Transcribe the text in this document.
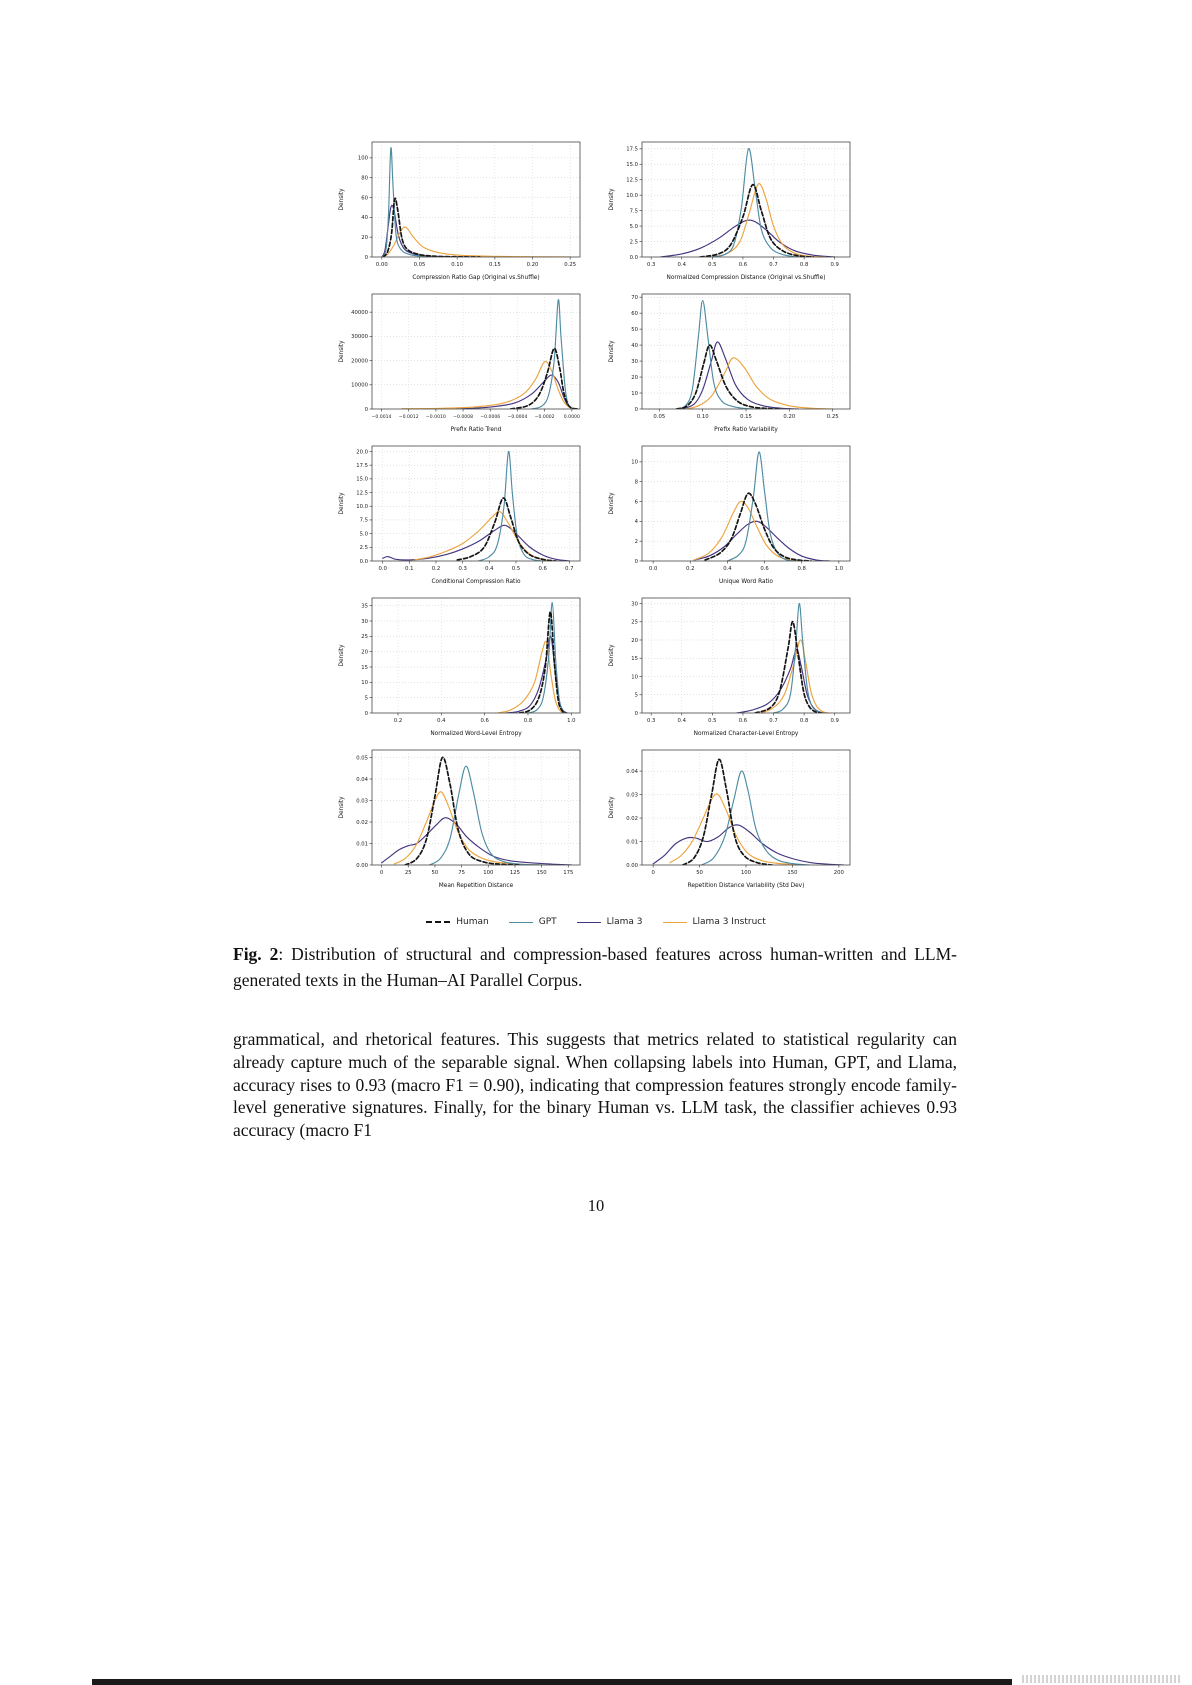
0.00	0.05	0.10	0.15	0.20	0.25
0
20
40
60
80
100
Compression Ratio Gap (Original vs.Shuffle)
Density
0.3	0.4	0.5	0.6	0.7	0.8	0.9
0.0
2.5
5.0
7.5
10.0
12.5
15.0
17.5
Normalized Compression Distance (Original vs.Shuffle)
Density
−0.0014 −0.0012 −0.0010 −0.0008 −0.0006 −0.0004 −0.0002 0.0000
0
10000
20000
30000
40000
Prefix Ratio Trend
Density
0.05	0.10	0.15	0.20	0.25
0
10
20
30
40
50
60
70
Prefix Ratio Variability
Density
0.0	0.1	0.2	0.3	0.4	0.5	0.6	0.7
0.0
2.5
5.0
7.5
10.0
12.5
15.0
17.5
20.0
Conditional Compression Ratio
Density
0.0	0.2	0.4	0.6	0.8	1.0
0
2
4
6
8
10
Unique Word Ratio
Density
0.2	0.4	0.6	0.8	1.0
0
5
10
15
20
25
30
35
Normalized Word-Level Entropy
Density
0.3	0.4	0.5	0.6	0.7	0.8	0.9
0
5
10
15
20
25
30
Normalized Character-Level Entropy
Density
0	25	50	75	100	125	150	175
0.00
0.01
0.02
0.03
0.04
0.05
Mean Repetition Distance
Density
0	50	100	150	200
0.00
0.01
0.02
0.03
0.04
Repetition Distance Variability (Std Dev)
Density
Human	GPT	Llama 3	Llama 3 Instruct

Fig. 2: Distribution of structural and compression-based features across human-written and LLM-generated texts in the Human–AI Parallel Corpus.

grammatical, and rhetorical features. This suggests that metrics related to statistical regularity can already capture much of the separable signal. When collapsing labels into Human, GPT, and Llama, accuracy rises to 0.93 (macro F1 = 0.90), indicating that compression features strongly encode family-level generative signatures. Finally, for the binary Human vs. LLM task, the classifier achieves 0.93 accuracy (macro F1

10
